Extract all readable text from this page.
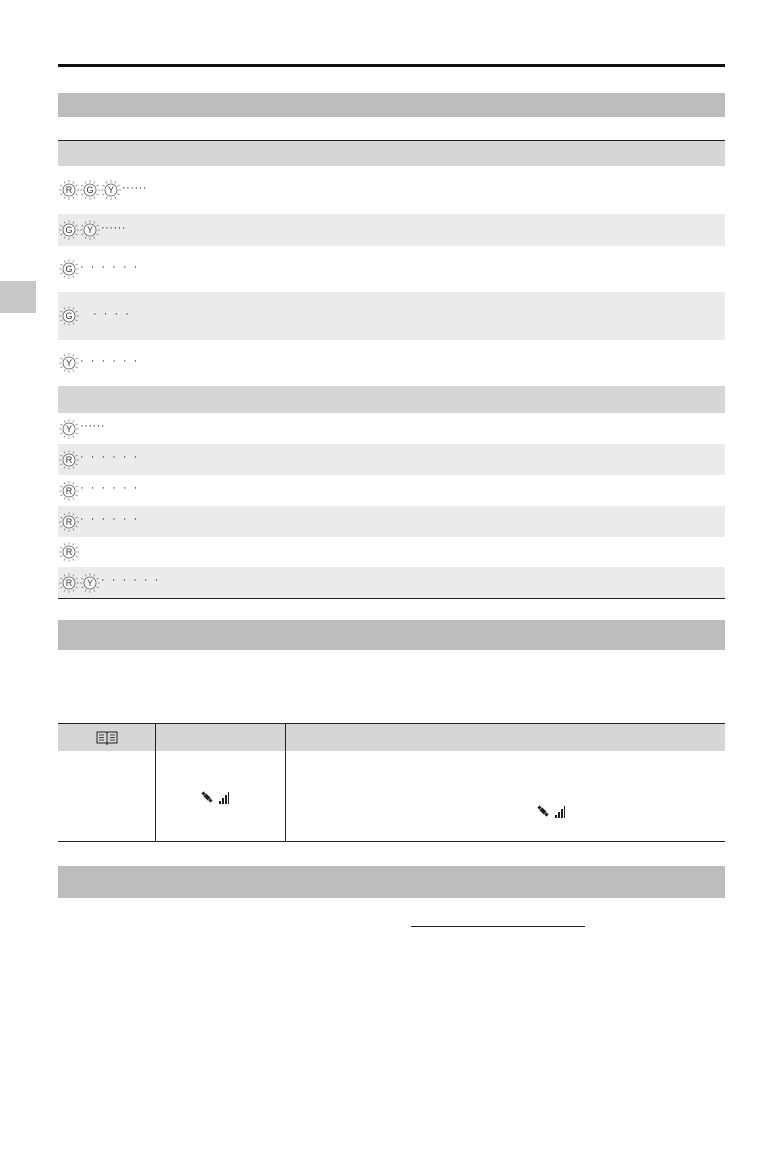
R G Y ······
G Y ······
G · · · · · ·
G · · · ·
Y · · · · · ·
Y ······
R · · · · · ·
R · · · · · ·
R · · · · · ·
R
R Y · · · · · ·
